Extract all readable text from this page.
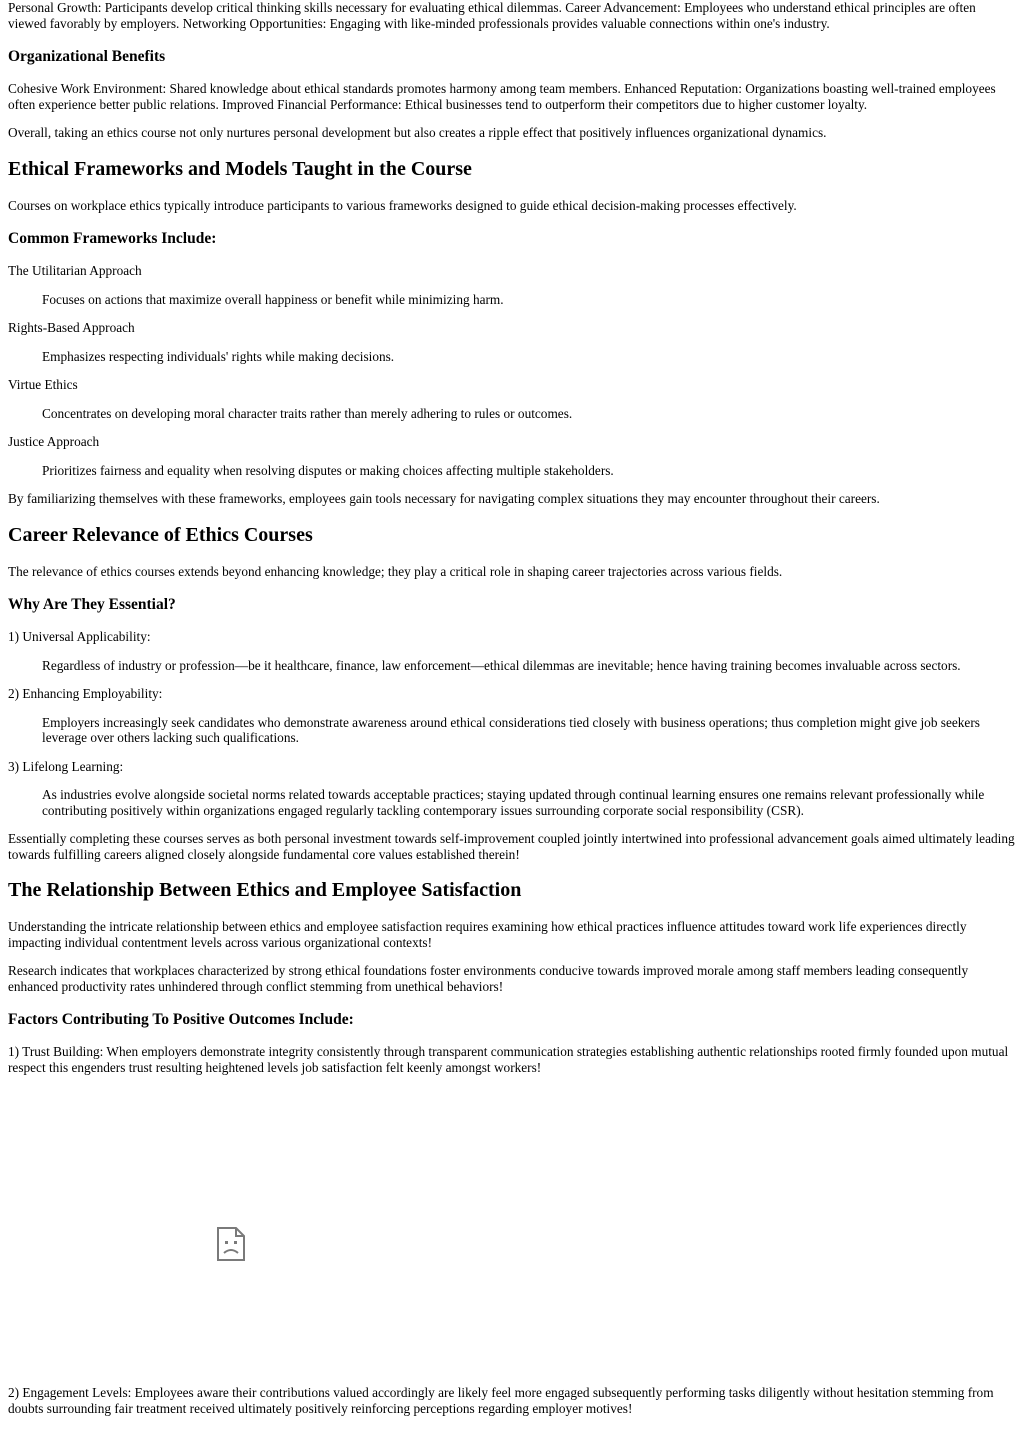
Personal Growth: Participants develop critical thinking skills necessary for evaluating ethical dilemmas. Career Advancement: Employees who understand ethical principles are often viewed favorably by employers. Networking Opportunities: Engaging with like-minded professionals provides valuable connections within one's industry.

Organizational Benefits

Cohesive Work Environment: Shared knowledge about ethical standards promotes harmony among team members. Enhanced Reputation: Organizations boasting well-trained employees often experience better public relations. Improved Financial Performance: Ethical businesses tend to outperform their competitors due to higher customer loyalty.

Overall, taking an ethics course not only nurtures personal development but also creates a ripple effect that positively influences organizational dynamics.

Ethical Frameworks and Models Taught in the Course

Courses on workplace ethics typically introduce participants to various frameworks designed to guide ethical decision-making processes effectively.

Common Frameworks Include:
The Utilitarian Approach
Focuses on actions that maximize overall happiness or benefit while minimizing harm.
Rights-Based Approach
Emphasizes respecting individuals' rights while making decisions.
Virtue Ethics
Concentrates on developing moral character traits rather than merely adhering to rules or outcomes.
Justice Approach
Prioritizes fairness and equality when resolving disputes or making choices affecting multiple stakeholders.

By familiarizing themselves with these frameworks, employees gain tools necessary for navigating complex situations they may encounter throughout their careers.

Career Relevance of Ethics Courses

The relevance of ethics courses extends beyond enhancing knowledge; they play a critical role in shaping career trajectories across various fields.

Why Are They Essential?
1) Universal Applicability:
Regardless of industry or profession—be it healthcare, finance, law enforcement—ethical dilemmas are inevitable; hence having training becomes invaluable across sectors.
2) Enhancing Employability:
Employers increasingly seek candidates who demonstrate awareness around ethical considerations tied closely with business operations; thus completion might give job seekers leverage over others lacking such qualifications.
3) Lifelong Learning:
As industries evolve alongside societal norms related towards acceptable practices; staying updated through continual learning ensures one remains relevant professionally while contributing positively within organizations engaged regularly tackling contemporary issues surrounding corporate social responsibility (CSR).

Essentially completing these courses serves as both personal investment towards self-improvement coupled jointly intertwined into professional advancement goals aimed ultimately leading towards fulfilling careers aligned closely alongside fundamental core values established therein!

The Relationship Between Ethics and Employee Satisfaction

Understanding the intricate relationship between ethics and employee satisfaction requires examining how ethical practices influence attitudes toward work life experiences directly impacting individual contentment levels across various organizational contexts!

Research indicates that workplaces characterized by strong ethical foundations foster environments conducive towards improved morale among staff members leading consequently enhanced productivity rates unhindered through conflict stemming from unethical behaviors!

Factors Contributing To Positive Outcomes Include:

1) Trust Building: When employers demonstrate integrity consistently through transparent communication strategies establishing authentic relationships rooted firmly founded upon mutual respect this engenders trust resulting heightened levels job satisfaction felt keenly amongst workers!

2) Engagement Levels: Employees aware their contributions valued accordingly are likely feel more engaged subsequently performing tasks diligently without hesitation stemming from doubts surrounding fair treatment received ultimately positively reinforcing perceptions regarding employer motives!
